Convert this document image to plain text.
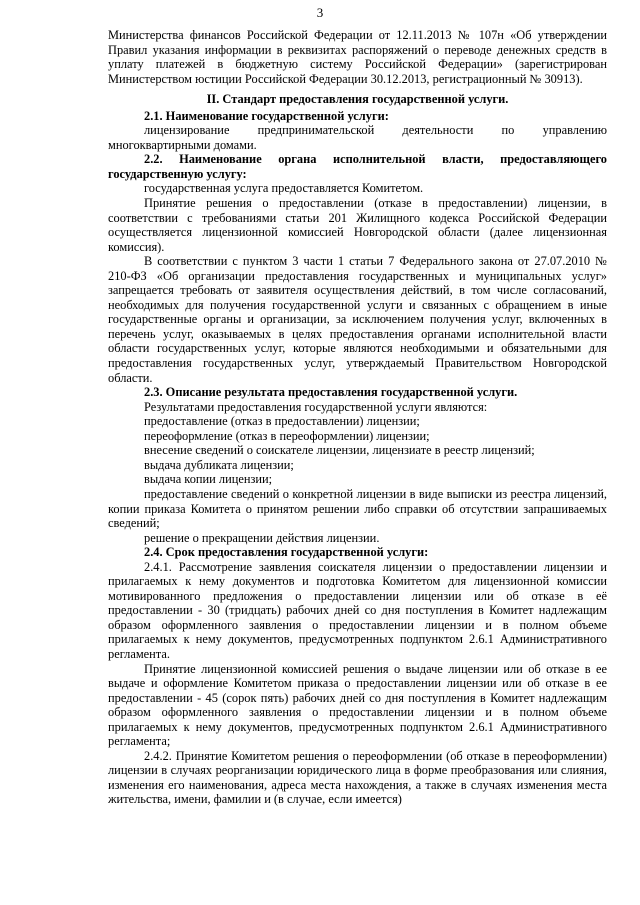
3

Министерства финансов Российской Федерации от 12.11.2013 № 107н «Об утверждении Правил указания информации в реквизитах распоряжений о переводе денежных средств в уплату платежей в бюджетную систему Российской Федерации» (зарегистрирован Министерством юстиции Российской Федерации 30.12.2013, регистрационный № 30913).

II. Стандарт предоставления государственной услуги.

2.1. Наименование государственной услуги:

лицензирование предпринимательской деятельности по управлению многоквартирными домами.

2.2. Наименование органа исполнительной власти, предоставляющего государственную услугу:

государственная услуга предоставляется Комитетом.

Принятие решения о предоставлении (отказе в предоставлении) лицензии, в соответствии с требованиями статьи 201 Жилищного кодекса Российской Федерации осуществляется лицензионной комиссией Новгородской области (далее лицензионная комиссия).

В соответствии с пунктом 3 части 1 статьи 7 Федерального закона от 27.07.2010 № 210-ФЗ «Об организации предоставления государственных и муниципальных услуг» запрещается требовать от заявителя осуществления действий, в том числе согласований, необходимых для получения государственной услуги и связанных с обращением в иные государственные органы и организации, за исключением получения услуг, включенных в перечень услуг, оказываемых в целях предоставления органами исполнительной власти области государственных услуг, которые являются необходимыми и обязательными для предоставления государственных услуг, утверждаемый Правительством Новгородской области.

2.3. Описание результата предоставления государственной услуги.

Результатами предоставления государственной услуги являются:

предоставление (отказ в предоставлении) лицензии;

переоформление (отказ в переоформлении) лицензии;

внесение сведений о соискателе лицензии, лицензиате в реестр лицензий;

выдача дубликата лицензии;

выдача копии лицензии;

предоставление сведений о конкретной лицензии в виде выписки из реестра лицензий, копии приказа Комитета о принятом решении либо справки об отсутствии запрашиваемых сведений;

решение о прекращении действия лицензии.

2.4. Срок предоставления государственной услуги:

2.4.1. Рассмотрение заявления соискателя лицензии о предоставлении лицензии и прилагаемых к нему документов и подготовка Комитетом для лицензионной комиссии мотивированного предложения о предоставлении лицензии или об отказе в её предоставлении - 30 (тридцать) рабочих дней со дня поступления в Комитет надлежащим образом оформленного заявления о предоставлении лицензии и в полном объеме прилагаемых к нему документов, предусмотренных подпунктом 2.6.1 Административного регламента.

Принятие лицензионной комиссией решения о выдаче лицензии или об отказе в ее выдаче и оформление Комитетом приказа о предоставлении лицензии или об отказе в ее предоставлении - 45 (сорок пять) рабочих дней со дня поступления в Комитет надлежащим образом оформленного заявления о предоставлении лицензии и в полном объеме прилагаемых к нему документов, предусмотренных подпунктом 2.6.1 Административного регламента;

2.4.2. Принятие Комитетом решения о переоформлении (об отказе в переоформлении) лицензии в случаях реорганизации юридического лица в форме преобразования или слияния, изменения его наименования, адреса места нахождения, а также в случаях изменения места жительства, имени, фамилии и (в случае, если имеется)
